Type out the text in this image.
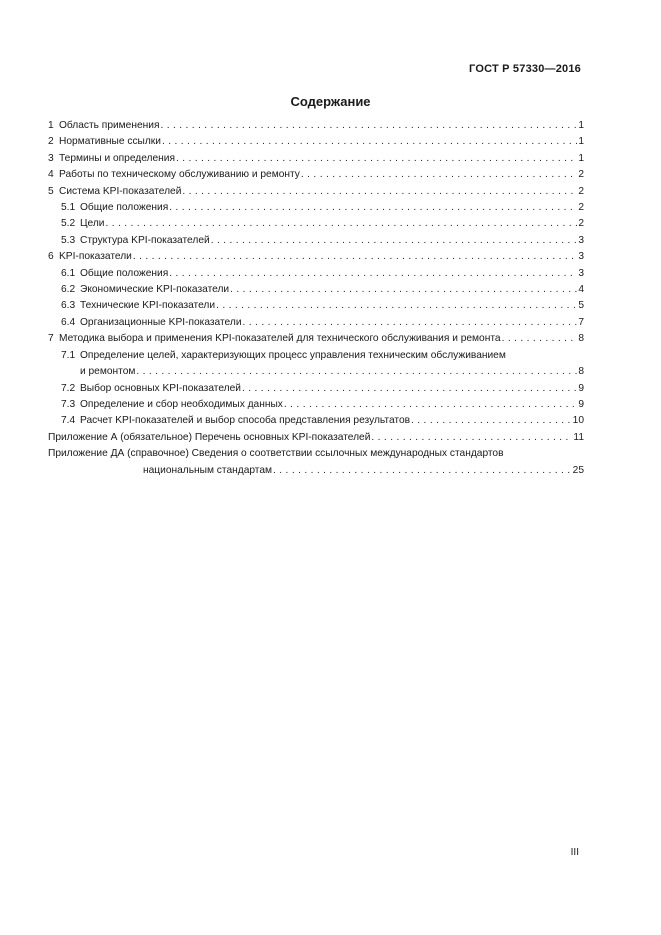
ГОСТ Р 57330—2016
Содержание
1 Область применения . . .	1
2 Нормативные ссылки . . .	1
3 Термины и определения . . .	1
4 Работы по техническому обслуживанию и ремонту . . .	2
5 Система KPI-показателей . . .	2
5.1 Общие положения . . .	2
5.2 Цели . . .	2
5.3 Структура KPI-показателей . . .	3
6 KPI-показатели . . .	3
6.1 Общие положения . . .	3
6.2 Экономические KPI-показатели . . .	4
6.3 Технические KPI-показатели . . .	5
6.4 Организационные KPI-показатели . . .	7
7 Методика выбора и применения KPI-показателей для технического обслуживания и ремонта . . .	8
7.1 Определение целей, характеризующих процесс управления техническим обслуживанием
и ремонтом . . .	8
7.2 Выбор основных KPI-показателей . . .	9
7.3 Определение и сбор необходимых данных . . .	9
7.4 Расчет KPI-показателей и выбор способа представления результатов . . .	10
Приложение А (обязательное) Перечень основных KPI-показателей . . .	11
Приложение ДА (справочное) Сведения о соответствии ссылочных международных стандартов
национальным стандартам . . .	25
III
